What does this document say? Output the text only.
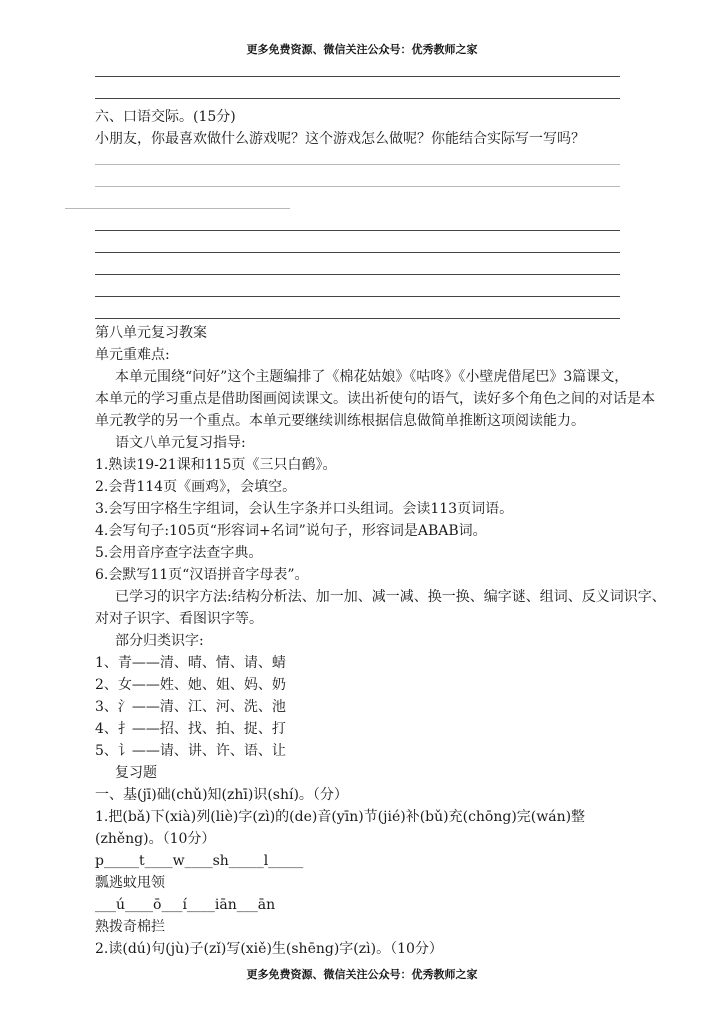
更多免费资源、微信关注公众号：优秀教师之家
六、口语交际。(15分)
小朋友，你最喜欢做什么游戏呢？这个游戏怎么做呢？你能结合实际写一写吗？
第八单元复习教案
单元重难点:
本单元围绕“问好”这个主题编排了《棉花姑娘》《咕咚》《小壁虎借尾巴》3篇课文，
本单元的学习重点是借助图画阅读课文。读出祈使句的语气，读好多个角色之间的对话是本
单元教学的另一个重点。本单元要继续训练根据信息做简单推断这项阅读能力。
语文八单元复习指导:
1.熟读19-21课和115页《三只白鹤》。
2.会背114页《画鸡》，会填空。
3.会写田字格生字组词，会认生字条并口头组词。会读113页词语。
4.会写句子:105页“形容词+名词”说句子，形容词是ABAB词。
5.会用音序查字法查字典。
6.会默写11页“汉语拼音字母表”。
已学习的识字方法:结构分析法、加一加、减一减、换一换、编字谜、组词、反义词识字、
对对子识字、看图识字等。
部分归类识字:
1、青——清、晴、情、请、蜻
2、女——姓、她、姐、妈、奶
3、氵——清、江、河、洗、池
4、扌——招、找、拍、捉、打
5、讠——请、讲、许、语、让
复习题
一、基(jī)础(chǔ)知(zhī)识(shí)。（分）
1.把(bǎ)下(xià)列(liè)字(zì)的(de)音(yīn)节(jié)补(bǔ)充(chōng)完(wán)整
(zhěng)。（10分）
p_____t____w____sh_____l_____
瓢逃蚊甩领
___ú____ō___í____iān___ān
熟拨奇棉拦
2.读(dú)句(jù)子(zǐ)写(xiě)生(shēng)字(zì)。（10分）
更多免费资源、微信关注公众号：优秀教师之家
